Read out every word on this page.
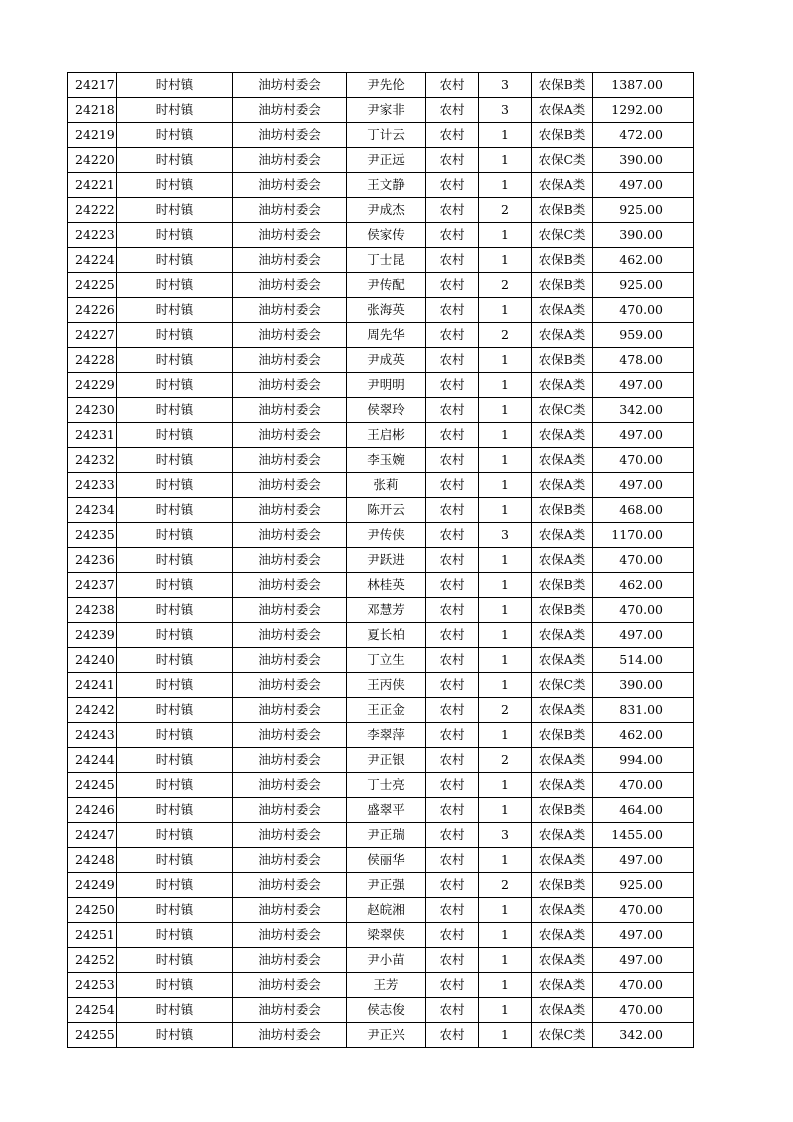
24217	时村镇	油坊村委会	尹先伦	农村	3	农保B类	1387.00
24218	时村镇	油坊村委会	尹家非	农村	3	农保A类	1292.00
24219	时村镇	油坊村委会	丁计云	农村	1	农保B类	472.00
24220	时村镇	油坊村委会	尹正远	农村	1	农保C类	390.00
24221	时村镇	油坊村委会	王文静	农村	1	农保A类	497.00
24222	时村镇	油坊村委会	尹成杰	农村	2	农保B类	925.00
24223	时村镇	油坊村委会	侯家传	农村	1	农保C类	390.00
24224	时村镇	油坊村委会	丁士昆	农村	1	农保B类	462.00
24225	时村镇	油坊村委会	尹传配	农村	2	农保B类	925.00
24226	时村镇	油坊村委会	张海英	农村	1	农保A类	470.00
24227	时村镇	油坊村委会	周先华	农村	2	农保A类	959.00
24228	时村镇	油坊村委会	尹成英	农村	1	农保B类	478.00
24229	时村镇	油坊村委会	尹明明	农村	1	农保A类	497.00
24230	时村镇	油坊村委会	侯翠玲	农村	1	农保C类	342.00
24231	时村镇	油坊村委会	王启彬	农村	1	农保A类	497.00
24232	时村镇	油坊村委会	李玉婉	农村	1	农保A类	470.00
24233	时村镇	油坊村委会	张莉	农村	1	农保A类	497.00
24234	时村镇	油坊村委会	陈开云	农村	1	农保B类	468.00
24235	时村镇	油坊村委会	尹传侠	农村	3	农保A类	1170.00
24236	时村镇	油坊村委会	尹跃进	农村	1	农保A类	470.00
24237	时村镇	油坊村委会	林桂英	农村	1	农保B类	462.00
24238	时村镇	油坊村委会	邓慧芳	农村	1	农保B类	470.00
24239	时村镇	油坊村委会	夏长柏	农村	1	农保A类	497.00
24240	时村镇	油坊村委会	丁立生	农村	1	农保A类	514.00
24241	时村镇	油坊村委会	王丙侠	农村	1	农保C类	390.00
24242	时村镇	油坊村委会	王正金	农村	2	农保A类	831.00
24243	时村镇	油坊村委会	李翠萍	农村	1	农保B类	462.00
24244	时村镇	油坊村委会	尹正银	农村	2	农保A类	994.00
24245	时村镇	油坊村委会	丁士亮	农村	1	农保A类	470.00
24246	时村镇	油坊村委会	盛翠平	农村	1	农保B类	464.00
24247	时村镇	油坊村委会	尹正瑞	农村	3	农保A类	1455.00
24248	时村镇	油坊村委会	侯丽华	农村	1	农保A类	497.00
24249	时村镇	油坊村委会	尹正强	农村	2	农保B类	925.00
24250	时村镇	油坊村委会	赵皖湘	农村	1	农保A类	470.00
24251	时村镇	油坊村委会	梁翠侠	农村	1	农保A类	497.00
24252	时村镇	油坊村委会	尹小苗	农村	1	农保A类	497.00
24253	时村镇	油坊村委会	王芳	农村	1	农保A类	470.00
24254	时村镇	油坊村委会	侯志俊	农村	1	农保A类	470.00
24255	时村镇	油坊村委会	尹正兴	农村	1	农保C类	342.00
